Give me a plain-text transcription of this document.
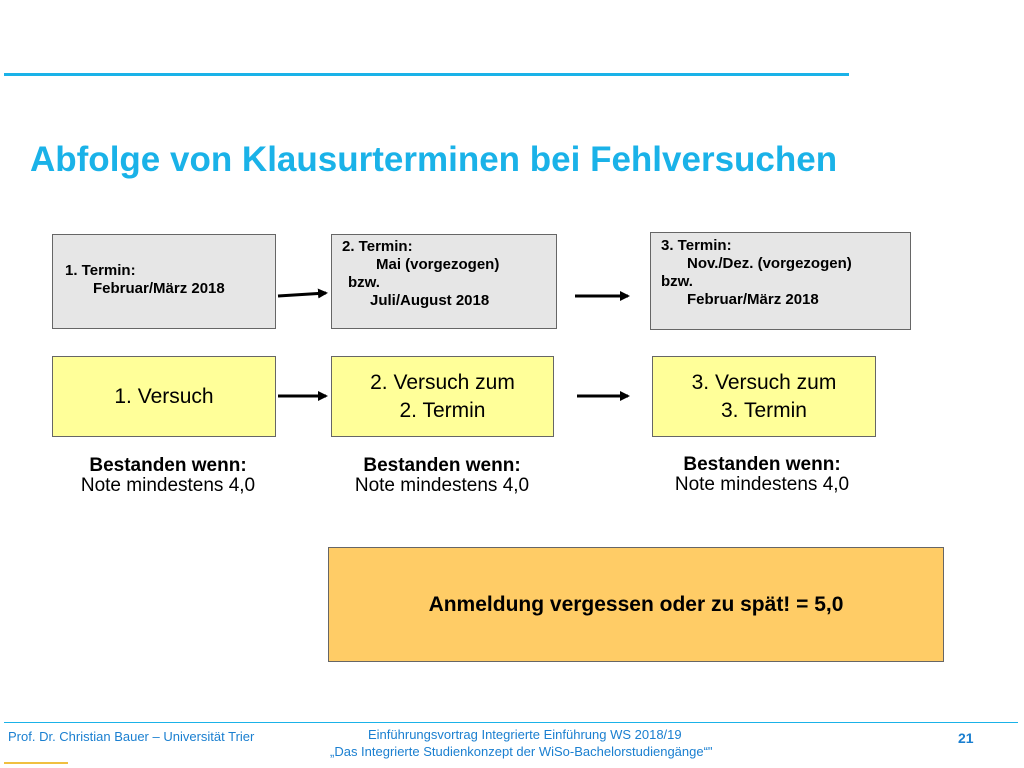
Abfolge von Klausurterminen bei Fehlversuchen
1. Termin:
Februar/März 2018
2. Termin:
Mai (vorgezogen)
bzw.
Juli/August 2018
3. Termin:
Nov./Dez. (vorgezogen)
bzw.
Februar/März 2018
1. Versuch
2. Versuch zum
2. Termin
3. Versuch zum
3. Termin
Bestanden wenn:
Note mindestens 4,0
Bestanden wenn:
Note mindestens 4,0
Bestanden wenn:
Note mindestens 4,0
Anmeldung vergessen oder zu spät! = 5,0
Prof. Dr. Christian Bauer – Universität Trier	Einführungsvortrag Integrierte Einführung WS 2018/19
„Das Integrierte Studienkonzept der WiSo-Bachelorstudiengänge“"
21
